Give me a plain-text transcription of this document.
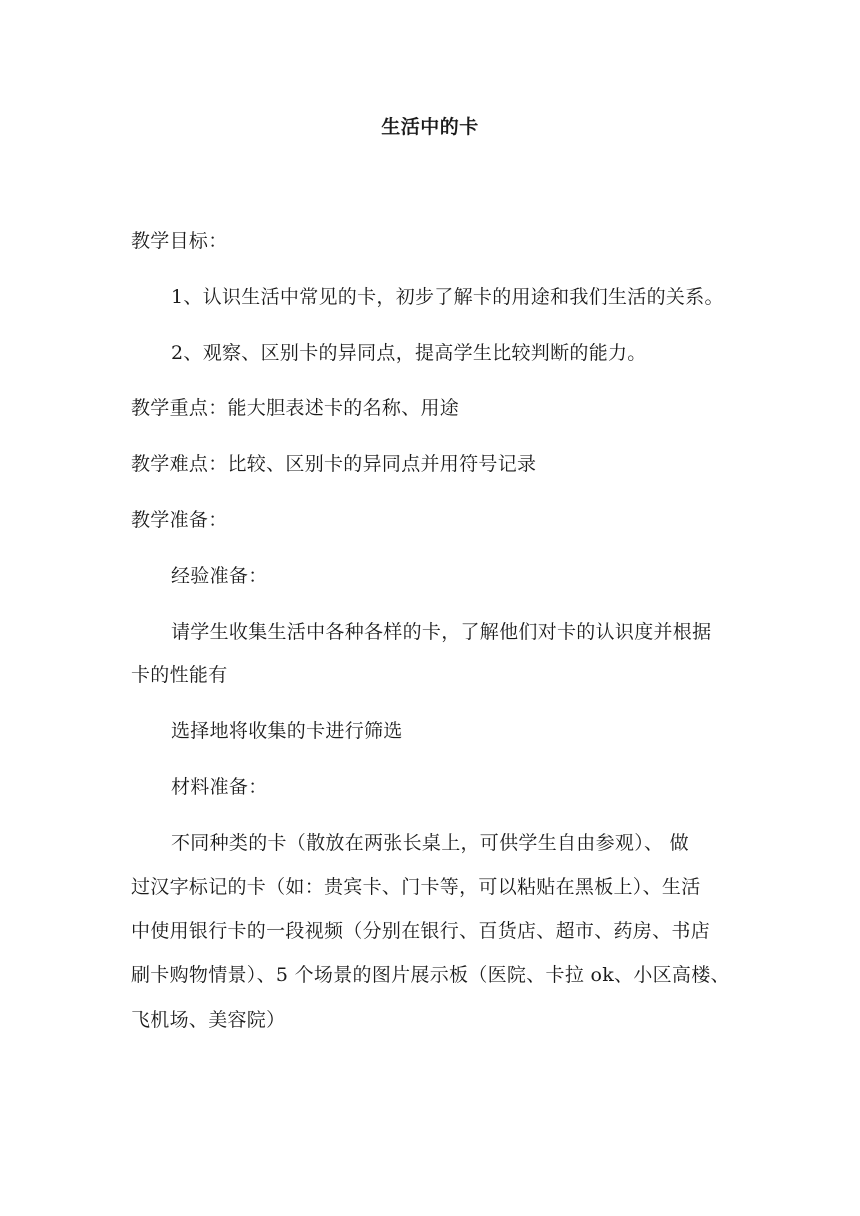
生活中的卡
教学目标：
1、认识生活中常见的卡，初步了解卡的用途和我们生活的关系。
2、观察、区别卡的异同点，提高学生比较判断的能力。
教学重点：能大胆表述卡的名称、用途
教学难点：比较、区别卡的异同点并用符号记录
教学准备：
经验准备：
请学生收集生活中各种各样的卡，了解他们对卡的认识度并根据
卡的性能有
选择地将收集的卡进行筛选
材料准备：
不同种类的卡（散放在两张长桌上，可供学生自由参观）、 做
过汉字标记的卡（如：贵宾卡、门卡等，可以粘贴在黑板上）、生活
中使用银行卡的一段视频（分别在银行、百货店、超市、药房、书店
刷卡购物情景）、5 个场景的图片展示板（医院、卡拉 ok、小区高楼、
飞机场、美容院）
